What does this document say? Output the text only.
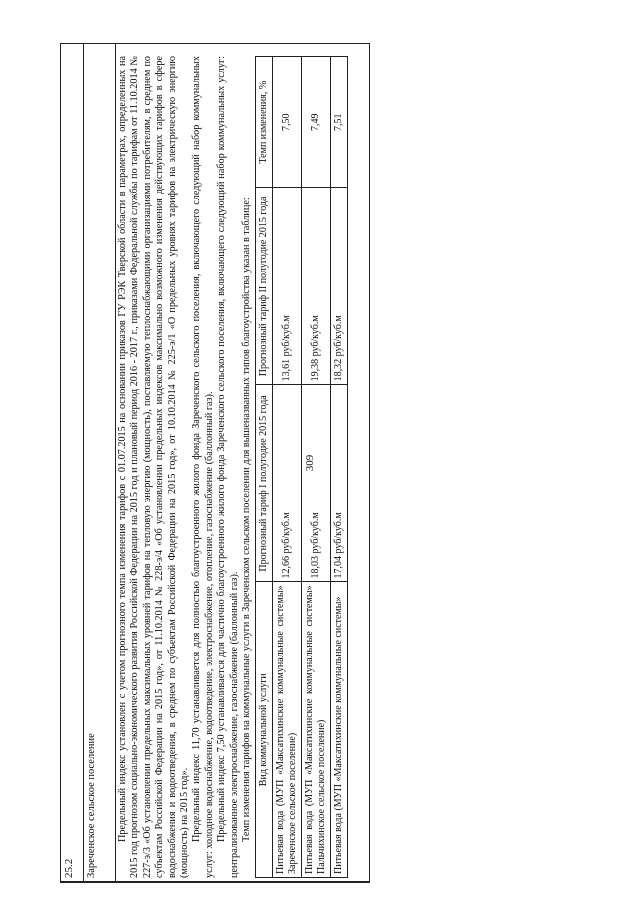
309
25.2 Зареченское сельское поселение Предельный индекс установлен с учетом прогнозного темпа изменения тарифов с 01.07.2015 на основании приказов ГУ РЭК Тверской области в параметрах, определенных на 2015 год прогнозом социально-экономического развития Российской Федерации на 2015 год и плановый период 2016 - 2017 г., приказами Федеральной службы по тарифам от 11.10.2014 № 227-э/3 «Об установлении предельных максимальных уровней тарифов на тепловую энергию (мощность), поставляемую теплоснабжающими организациями потребителям, в среднем по субъектам Российской Федерации на 2015 год», от 11.10.2014 № 228-э/4 «Об установлении предельных индексов максимально возможного изменения действующих тарифов в сфере водоснабжения и водоотведения, в среднем по субъектам Российской Федерации на 2015 год», от 10.10.2014 № 225-э/1 «О предельных уровнях тарифов на электрическую энергию (мощность) на 2015 год». Предельный индекс 11,70 устанавливается для полностью благоустроенного жилого фонда Зареченского сельского поселения, включающего следующий набор коммунальных услуг: холодное водоснабжение, водоотведение, электроснабжение, отопление, газоснабжение (баллонный газ). Предельный индекс 7,50 устанавливается для частично благоустроенного жилого фонда Зареченского сельского поселения, включающего следующий набор коммунальных услуг: централизованное электроснабжение, газоснабжение (баллонный газ). Темп изменения тарифов на коммунальные услуги в Зареченском сельском поселении для вышеназванных типов благоустройства указан в таблице: Вид коммунальной услуги	Прогнозный тариф I полугодие 2015 года	Прогнозный тариф II полугодие 2015 года	Темп изменения, %
Питьевая вода (МУП «Максатихинские коммунальные системы» Зареченское сельское поселение)	12,66 руб/куб.м	13,61 руб/куб.м	7,50
Питьевая вода (МУП «Максатихинские коммунальные системы» Пальчихинское сельское поселение)	18,03 руб/куб.м	19,38 руб/куб.м	7,49
Питьевая вода (МУП «Максатихинские коммунальные системы»	17,04 руб/куб.м	18,32 руб/куб.м	7,51
